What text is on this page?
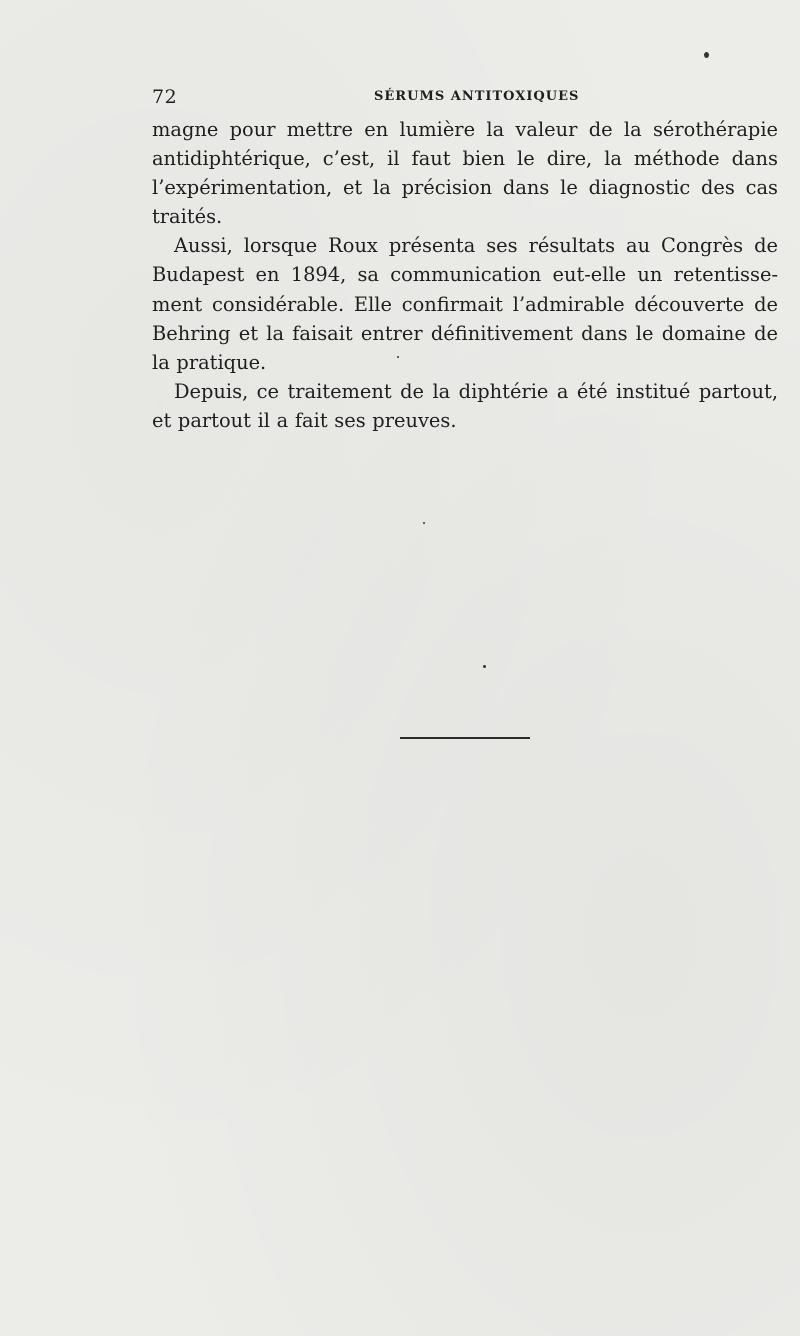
72	SÉRUMS ANTITOXIQUES

magne pour mettre en lumière la valeur de la sérothérapie
antidiphtérique, c’est, il faut bien le dire, la méthode dans
l’expérimentation, et la précision dans le diagnostic des cas
traités.

Aussi, lorsque Roux présenta ses résultats au Congrès de
Budapest en 1894, sa communication eut-elle un retentisse-
ment considérable. Elle confirmait l’admirable découverte de
Behring et la faisait entrer définitivement dans le domaine de
la pratique.

Depuis, ce traitement de la diphtérie a été institué partout,
et partout il a fait ses preuves.
